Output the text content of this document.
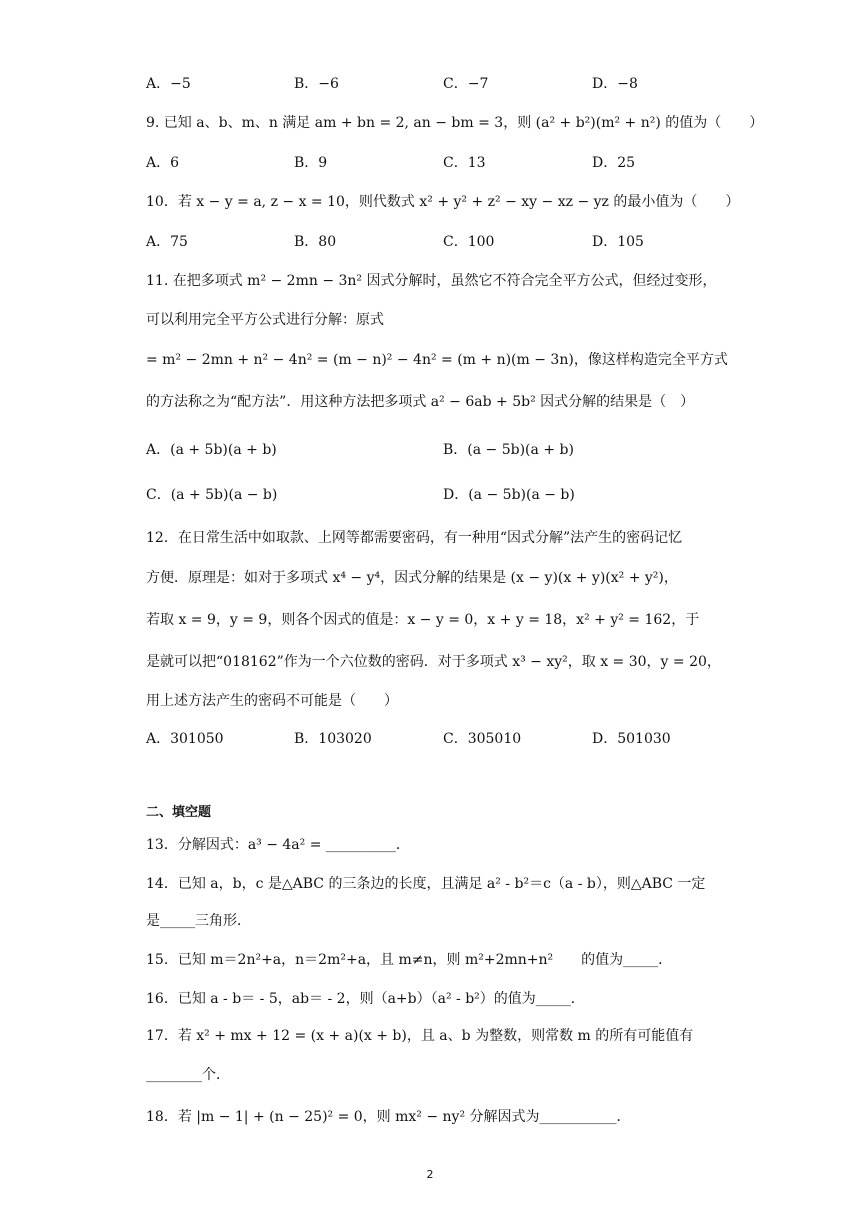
A．−5	B．−6	C．−7	D．−8
9. 已知 a、b、m、n 满足 am + bn = 2, an − bm = 3，则 (a² + b²)(m² + n²) 的值为（　　）
A．6	B．9	C．13	D．25
10．若 x − y = a, z − x = 10，则代数式 x² + y² + z² − xy − xz − yz 的最小值为（　　）
A．75	B．80	C．100	D．105
11. 在把多项式 m² − 2mn − 3n² 因式分解时，虽然它不符合完全平方公式，但经过变形，
可以利用完全平方公式进行分解：原式
= m² − 2mn + n² − 4n² = (m − n)² − 4n² = (m + n)(m − 3n)，像这样构造完全平方式
的方法称之为“配方法”．用这种方法把多项式 a² − 6ab + 5b² 因式分解的结果是（　）
A．(a + 5b)(a + b)	B．(a − 5b)(a + b)
C．(a + 5b)(a − b)	D．(a − 5b)(a − b)
12．在日常生活中如取款、上网等都需要密码，有一种用“因式分解”法产生的密码记忆
方便．原理是：如对于多项式 x⁴ − y⁴，因式分解的结果是 (x − y)(x + y)(x² + y²)，
若取 x = 9，y = 9，则各个因式的值是：x − y = 0，x + y = 18，x² + y² = 162，于
是就可以把“018162”作为一个六位数的密码．对于多项式 x³ − xy²，取 x = 30，y = 20，
用上述方法产生的密码不可能是（　　）
A．301050	B．103020	C．305010	D．501030
二、填空题
13．分解因式：a³ − 4a² = __________．
14．已知 a，b，c 是△ABC 的三条边的长度，且满足 a² - b²＝c（a - b），则△ABC 一定
是_____三角形．
15．已知 m＝2n²+a，n＝2m²+a，且 m≠n，则 m²+2mn+n²　　的值为_____．
16．已知 a - b＝ - 5，ab＝ - 2，则（a+b）（a² - b²）的值为_____．
17．若 x² + mx + 12 = (x + a)(x + b)，且 a、b 为整数，则常数 m 的所有可能值有
________个．
18．若 |m − 1| + (n − 25)² = 0，则 mx² − ny² 分解因式为___________．
2
